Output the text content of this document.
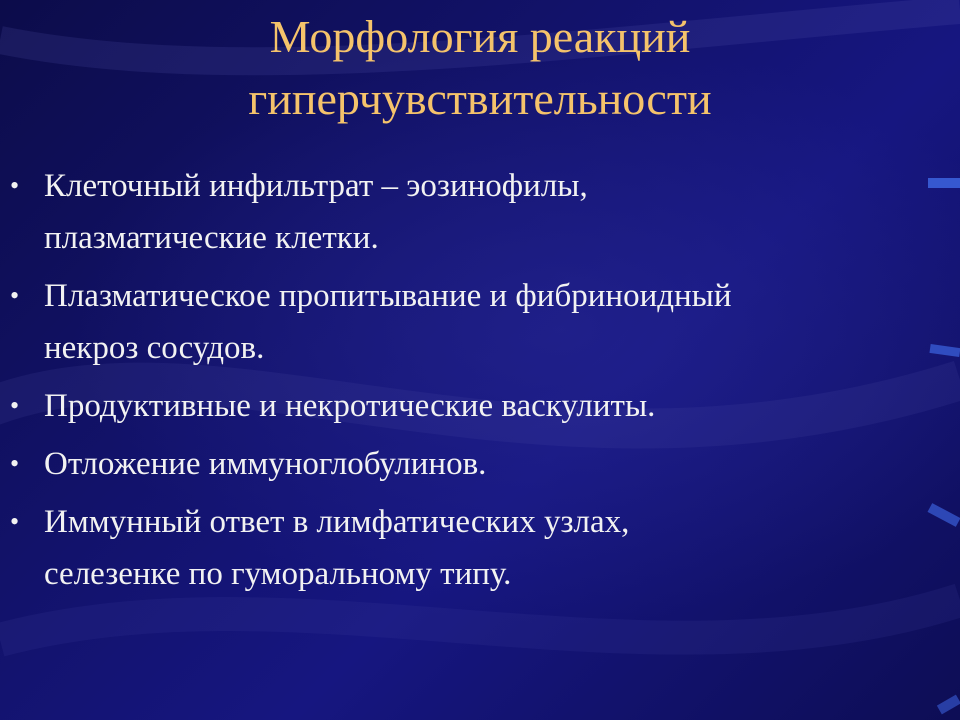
Морфология реакций
гиперчувствительности
• Клеточный инфильтрат – эозинофилы,
плазматические клетки.
• Плазматическое пропитывание и фибриноидный
некроз сосудов.
• Продуктивные и некротические васкулиты.
• Отложение иммуноглобулинов.
• Иммунный ответ в лимфатических узлах,
селезенке по гуморальному типу.
